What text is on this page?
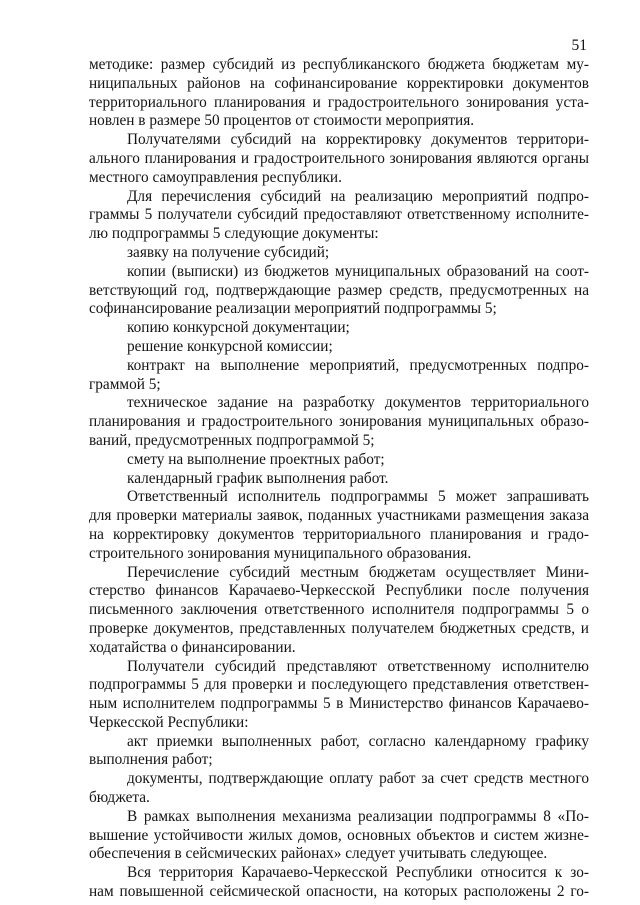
51
методике: размер субсидий из республиканского бюджета бюджетам му-
ниципальных районов на софинансирование корректировки документов
территориального планирования и градостроительного зонирования уста-
новлен в размере 50 процентов от стоимости мероприятия.
Получателями субсидий на корректировку документов территори-
ального планирования и градостроительного зонирования являются органы
местного самоуправления республики.
Для перечисления субсидий на реализацию мероприятий подпро-
граммы 5 получатели субсидий предоставляют ответственному исполните-
лю подпрограммы 5 следующие документы:
заявку на получение субсидий;
копии (выписки) из бюджетов муниципальных образований на соот-
ветствующий год, подтверждающие размер средств, предусмотренных на
софинансирование реализации мероприятий подпрограммы 5;
копию конкурсной документации;
решение конкурсной комиссии;
контракт на выполнение мероприятий, предусмотренных подпро-
граммой 5;
техническое задание на разработку документов территориального
планирования и градостроительного зонирования муниципальных образо-
ваний, предусмотренных подпрограммой 5;
смету на выполнение проектных работ;
календарный график выполнения работ.
Ответственный исполнитель подпрограммы 5 может запрашивать
для проверки материалы заявок, поданных участниками размещения заказа
на корректировку документов территориального планирования и градо-
строительного зонирования муниципального образования.
Перечисление субсидий местным бюджетам осуществляет Мини-
стерство финансов Карачаево-Черкесской Республики после получения
письменного заключения ответственного исполнителя подпрограммы 5 о
проверке документов, представленных получателем бюджетных средств, и
ходатайства о финансировании.
Получатели субсидий представляют ответственному исполнителю
подпрограммы 5 для проверки и последующего представления ответствен-
ным исполнителем подпрограммы 5 в Министерство финансов Карачаево-
Черкесской Республики:
акт приемки выполненных работ, согласно календарному графику
выполнения работ;
документы, подтверждающие оплату работ за счет средств местного
бюджета.
В рамках выполнения механизма реализации подпрограммы 8 «По-
вышение устойчивости жилых домов, основных объектов и систем жизне-
обеспечения в сейсмических районах» следует учитывать следующее.
Вся территория Карачаево-Черкесской Республики относится к зо-
нам повышенной сейсмической опасности, на которых расположены 2 го-
